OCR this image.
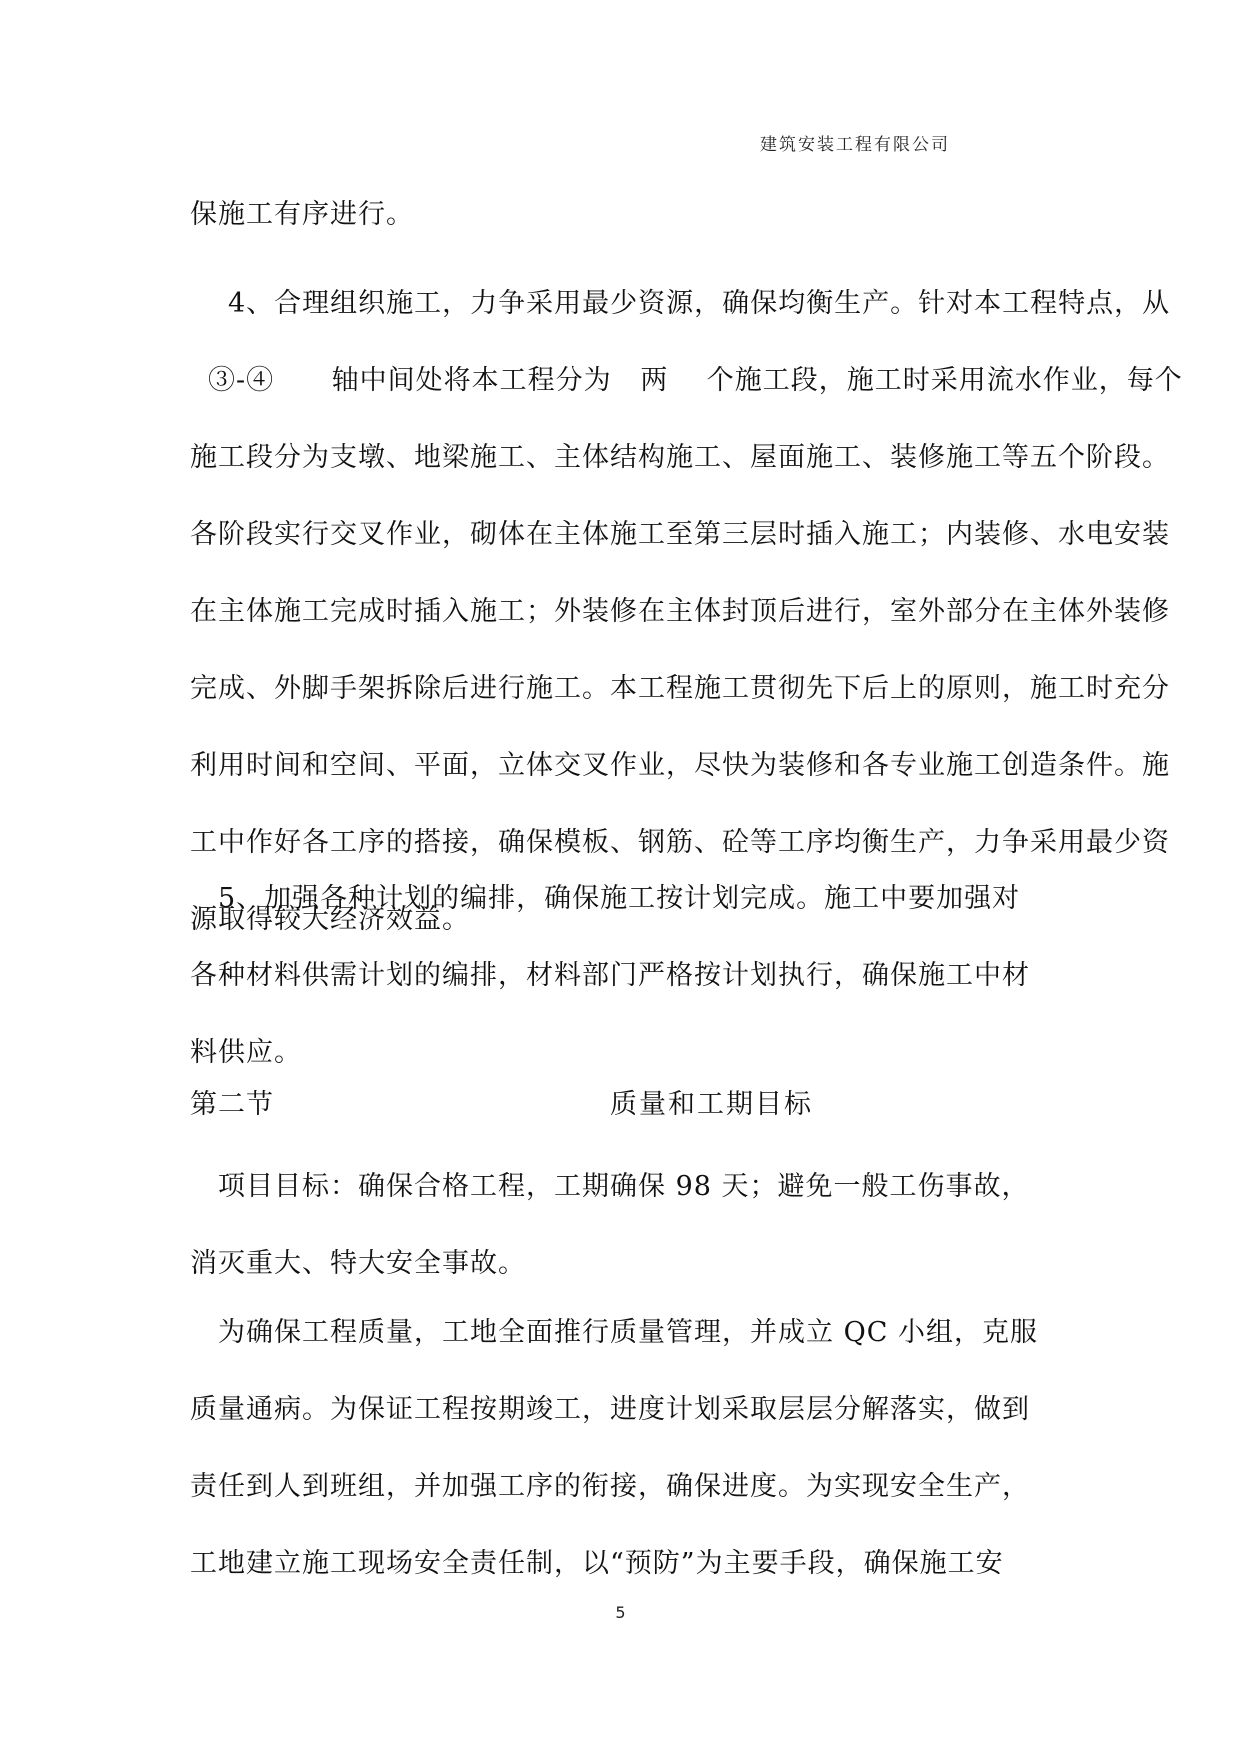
建筑安装工程有限公司
保施工有序进行。
4、合理组织施工，力争采用最少资源，确保均衡生产。针对本工程特点，从
③-④      轴中间处将本工程分为   两    个施工段，施工时采用流水作业，每个
施工段分为支墩、地梁施工、主体结构施工、屋面施工、装修施工等五个阶段。
各阶段实行交叉作业，砌体在主体施工至第三层时插入施工；内装修、水电安装
在主体施工完成时插入施工；外装修在主体封顶后进行，室外部分在主体外装修
完成、外脚手架拆除后进行施工。本工程施工贯彻先下后上的原则，施工时充分
利用时间和空间、平面，立体交叉作业，尽快为装修和各专业施工创造条件。施
工中作好各工序的搭接，确保模板、钢筋、砼等工序均衡生产，力争采用最少资
源取得较大经济效益。
5、加强各种计划的编排，确保施工按计划完成。施工中要加强对
各种材料供需计划的编排，材料部门严格按计划执行，确保施工中材
料供应。
第二节	质量和工期目标
项目目标：确保合格工程，工期确保 98 天；避免一般工伤事故，
消灭重大、特大安全事故。
为确保工程质量，工地全面推行质量管理，并成立 QC 小组，克服
质量通病。为保证工程按期竣工，进度计划采取层层分解落实，做到
责任到人到班组，并加强工序的衔接，确保进度。为实现安全生产，
工地建立施工现场安全责任制，以“预防”为主要手段，确保施工安
5
